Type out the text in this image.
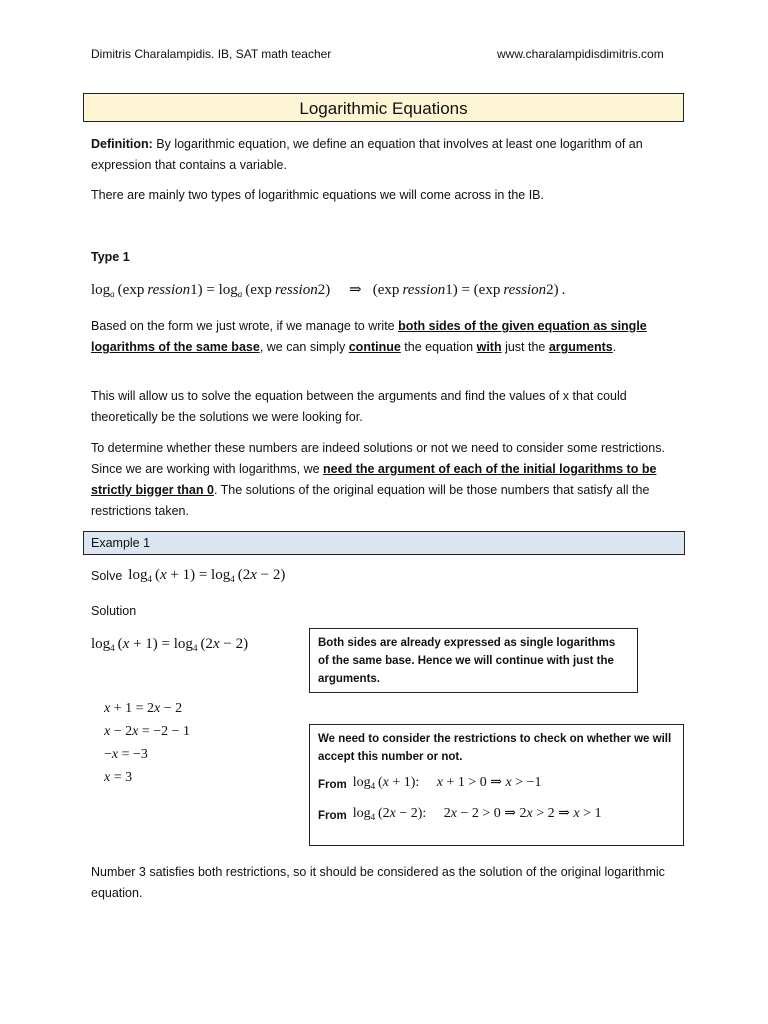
Dimitris Charalampidis. IB, SAT math teacher	www.charalampidisdimitris.com
Logarithmic Equations
Definition: By logarithmic equation, we define an equation that involves at least one logarithm of an expression that contains a variable.
There are mainly two types of logarithmic equations we will come across in the IB.
Type 1
$\log_a (\exp$ ression1) = $\log_a (\exp$ ression2)     ⇒   (exp ression1) = (exp ression2) .
Based on the form we just wrote, if we manage to write both sides of the given equation as single logarithms of the same base, we can simply continue the equation with just the arguments.
This will allow us to solve the equation between the arguments and find the values of x that could theoretically be the solutions we were looking for.
To determine whether these numbers are indeed solutions or not we need to consider some restrictions. Since we are working with logarithms, we need the argument of each of the initial logarithms to be strictly bigger than 0. The solutions of the original equation will be those numbers that satisfy all the restrictions taken.
Example 1
Solve $\log_4 (x + 1) = \log_4 (2x - 2)$
Solution
$\log_4 (x + 1) = \log_4 (2x - 2)$	Both sides are already expressed as single logarithms of the same base. Hence we will continue with just the arguments.
x + 1 = 2x − 2
x − 2x = −2 − 1
−x = −3
x = 3
We need to consider the restrictions to check on whether we will accept this number or not.
From $\log_4 (x + 1)$:     x + 1 > 0 ⇒ x > −1
From $\log_4 (2x - 2)$:     2x − 2 > 0 ⇒ 2x > 2 ⇒ x > 1
Number 3 satisfies both restrictions, so it should be considered as the solution of the original logarithmic equation.
